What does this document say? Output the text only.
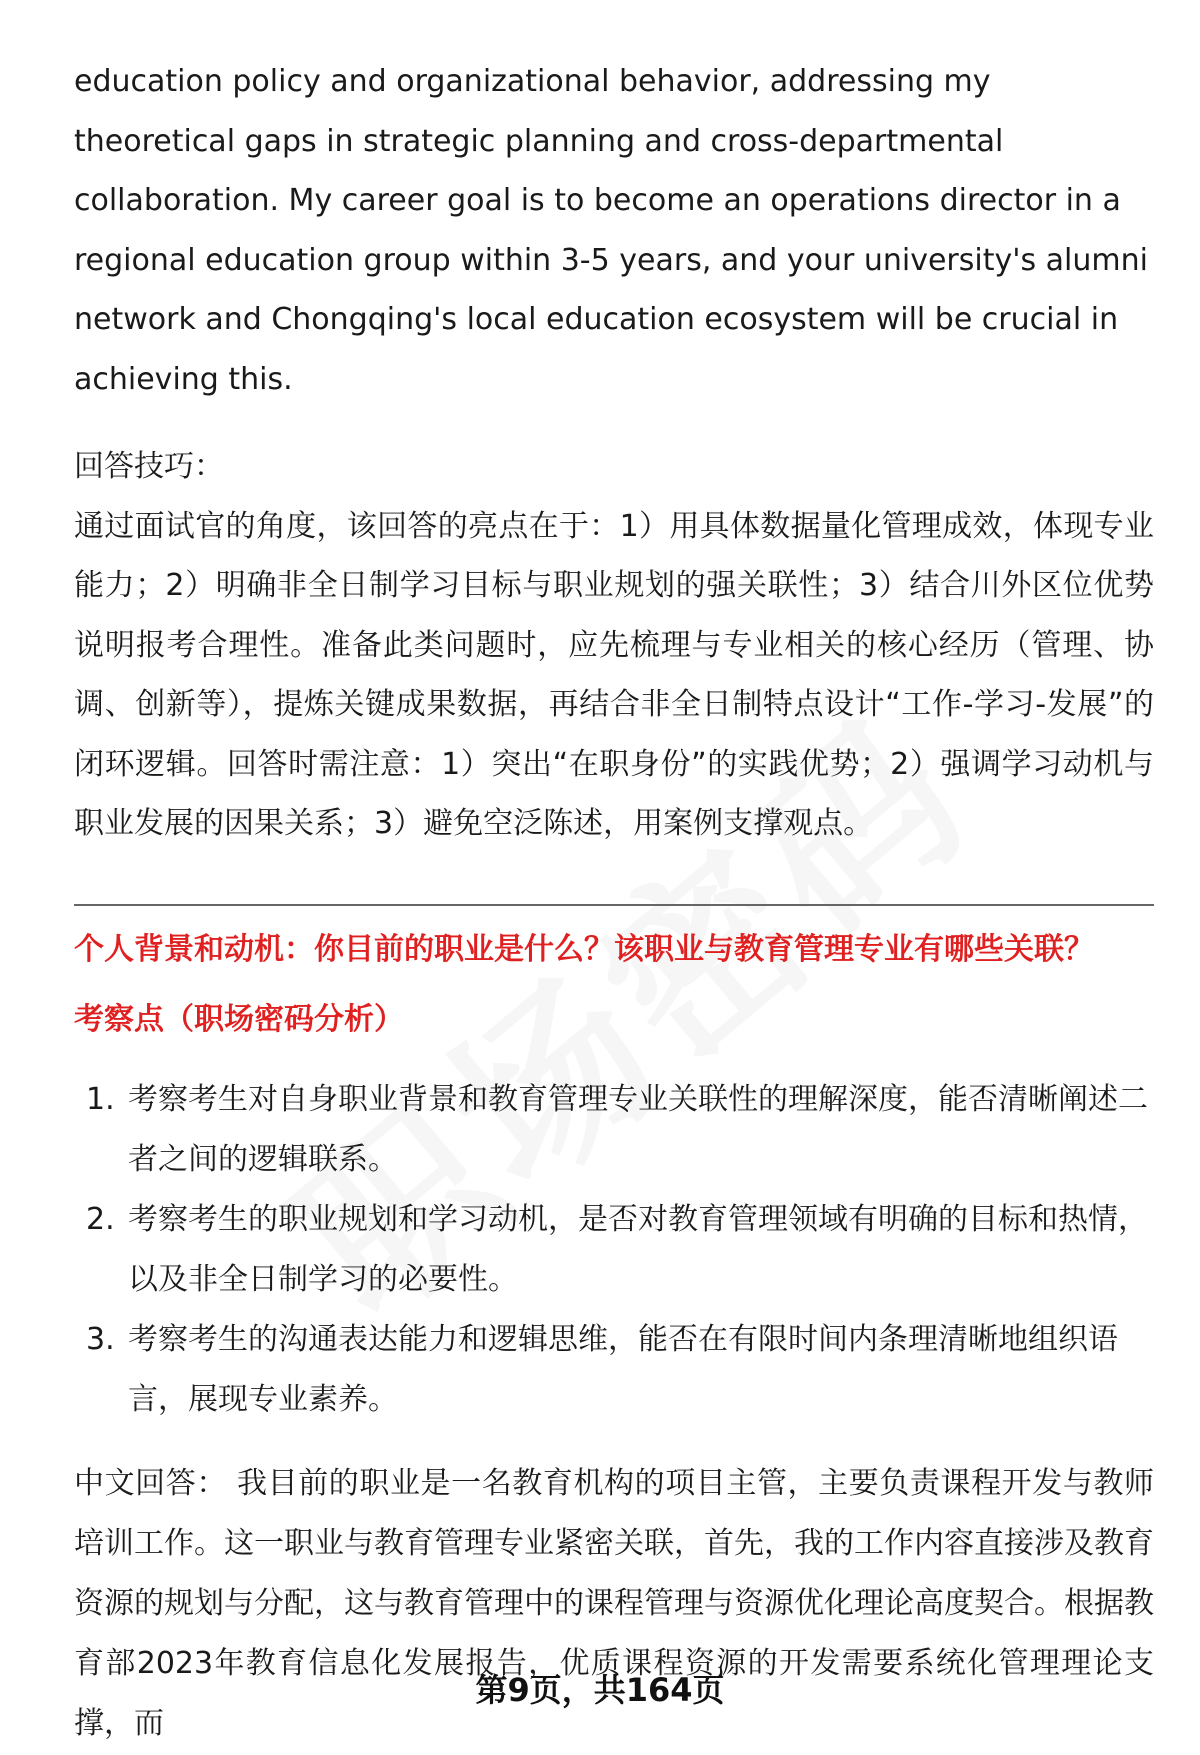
education policy and organizational behavior, addressing my theoretical gaps in strategic planning and cross-departmental collaboration. My career goal is to become an operations director in a regional education group within 3-5 years, and your university's alumni network and Chongqing's local education ecosystem will be crucial in achieving this.

回答技巧：

通过面试官的角度，该回答的亮点在于：1）用具体数据量化管理成效，体现专业能力；2）明确非全日制学习目标与职业规划的强关联性；3）结合川外区位优势说明报考合理性。准备此类问题时，应先梳理与专业相关的核心经历（管理、协调、创新等），提炼关键成果数据，再结合非全日制特点设计“工作-学习-发展”的闭环逻辑。回答时需注意：1）突出“在职身份”的实践优势；2）强调学习动机与职业发展的因果关系；3）避免空泛陈述，用案例支撑观点。

个人背景和动机：你目前的职业是什么？该职业与教育管理专业有哪些关联？

考察点（职场密码分析）

1. 考察考生对自身职业背景和教育管理专业关联性的理解深度，能否清晰阐述二者之间的逻辑联系。
2. 考察考生的职业规划和学习动机，是否对教育管理领域有明确的目标和热情，以及非全日制学习的必要性。
3. 考察考生的沟通表达能力和逻辑思维，能否在有限时间内条理清晰地组织语言，展现专业素养。

中文回答： 我目前的职业是一名教育机构的项目主管，主要负责课程开发与教师培训工作。这一职业与教育管理专业紧密关联，首先，我的工作内容直接涉及教育资源的规划与分配，这与教育管理中的课程管理与资源优化理论高度契合。根据教育部2023年教育信息化发展报告，优质课程资源的开发需要系统化管理理论支撑，而

第9页，共164页
